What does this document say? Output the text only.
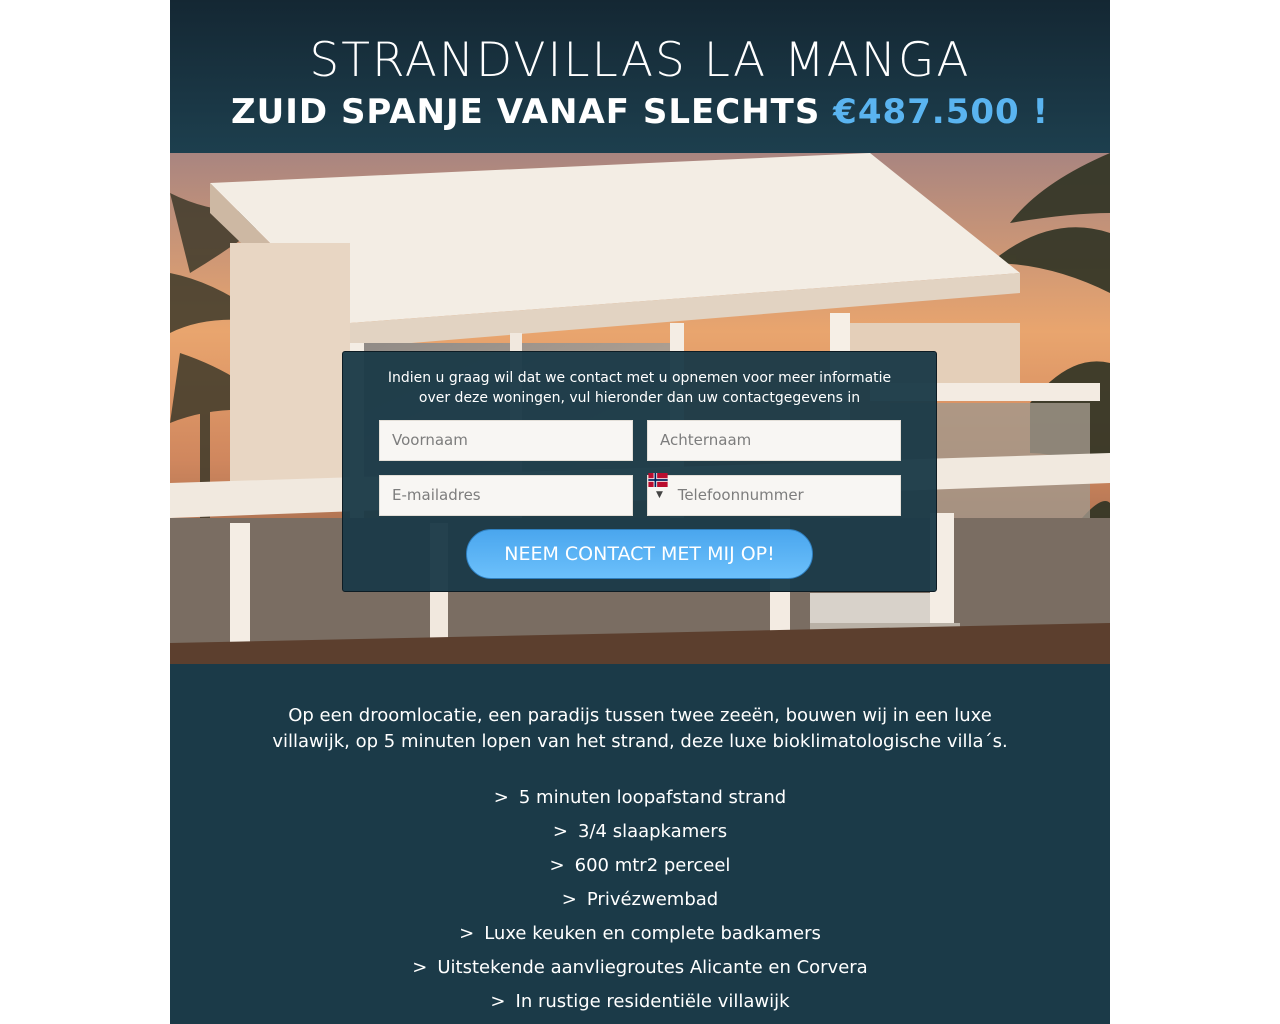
STRANDVILLAS LA MANGA
ZUID SPANJE VANAF SLECHTS €487.500 !
Indien u graag wil dat we contact met u opnemen voor meer informatie
over deze woningen, vul hieronder dan uw contactgegevens in
Voornaam	Achternaam
E-mailadres	▼ Telefoonnummer
NEEM CONTACT MET MIJ OP!
Op een droomlocatie, een paradijs tussen twee zeeën, bouwen wij in een luxe
villawijk, op 5 minuten lopen van het strand, deze luxe bioklimatologische villa´s.
> 5 minuten loopafstand strand
> 3/4 slaapkamers
> 600 mtr2 perceel
> Privézwembad
> Luxe keuken en complete badkamers
> Uitstekende aanvliegroutes Alicante en Corvera
> In rustige residentiële villawijk
